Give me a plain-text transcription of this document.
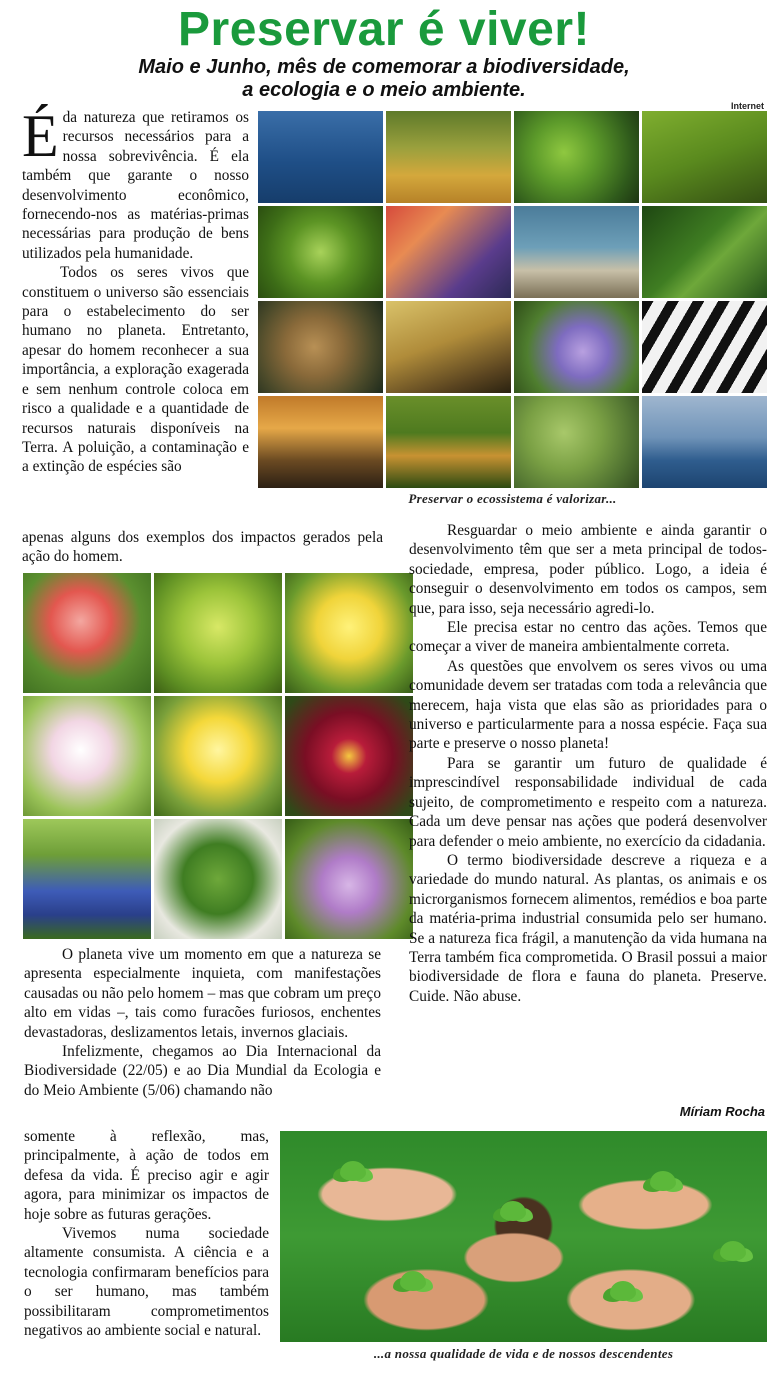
Preservar é viver!
Maio e Junho, mês de comemorar a biodiversidade,
a ecologia e o meio ambiente.
Internet
Preservar o ecossistema é valorizar...

Éda natureza que retiramos os recursos necessários para a nossa sobrevivência. É ela também que garante o nosso desenvolvimento econômico, fornecendo-nos as matérias-primas necessárias para produção de bens utilizados pela humanidade.

Todos os seres vivos que constituem o universo são essenciais para o estabelecimento do ser humano no planeta. Entretanto, apesar do homem reconhecer a sua importância, a exploração exagerada e sem nenhum controle coloca em risco a qualidade e a quantidade de recursos naturais disponíveis na Terra. A poluição, a contaminação e a extinção de espécies são

apenas alguns dos exemplos dos impactos gerados pela ação do homem.

Resguardar o meio ambiente e ainda garantir o desenvolvimento têm que ser a meta principal de todos- sociedade, empresa, poder público. Logo, a ideia é conseguir o desenvolvimento em todos os campos, sem que, para isso, seja necessário agredi-lo.

Ele precisa estar no centro das ações. Temos que começar a viver de maneira ambientalmente correta.

As questões que envolvem os seres vivos ou uma comunidade devem ser tratadas com toda a relevância que merecem, haja vista que elas são as prioridades para o universo e particularmente para a nossa espécie. Faça sua parte e preserve o nosso planeta!

Para se garantir um futuro de qualidade é imprescindível responsabilidade individual de cada sujeito, de comprometimento e respeito com a natureza. Cada um deve pensar nas ações que poderá desenvolver para defender o meio ambiente, no exercício da cidadania.

O termo biodiversidade descreve a riqueza e a variedade do mundo natural. As plantas, os animais e os microrganismos fornecem alimentos, remédios e boa parte da matéria-prima industrial consumida pelo ser humano. Se a natureza fica frágil, a manutenção da vida humana na Terra também fica comprometida. O Brasil possui a maior biodiversidade de flora e fauna do planeta. Preserve. Cuide. Não abuse.

Míriam Rocha

O planeta vive um momento em que a natureza se apresenta especialmente inquieta, com manifestações causadas ou não pelo homem – mas que cobram um preço alto em vidas –, tais como furacões furiosos, enchentes devastadoras, deslizamentos letais, invernos glaciais.

Infelizmente, chegamos ao Dia Internacional da Biodiversidade (22/05) e ao Dia Mundial da Ecologia e do Meio Ambiente (5/06) chamando não

somente à reflexão, mas, principalmente, à ação de todos em defesa da vida. É preciso agir e agir agora, para minimizar os impactos de hoje sobre as futuras gerações.

Vivemos numa sociedade altamente consumista. A ciência e a tecnologia confirmaram benefícios para o ser humano, mas também possibilitaram comprometimentos negativos ao ambiente social e natural.

...a nossa qualidade de vida e de nossos descendentes
